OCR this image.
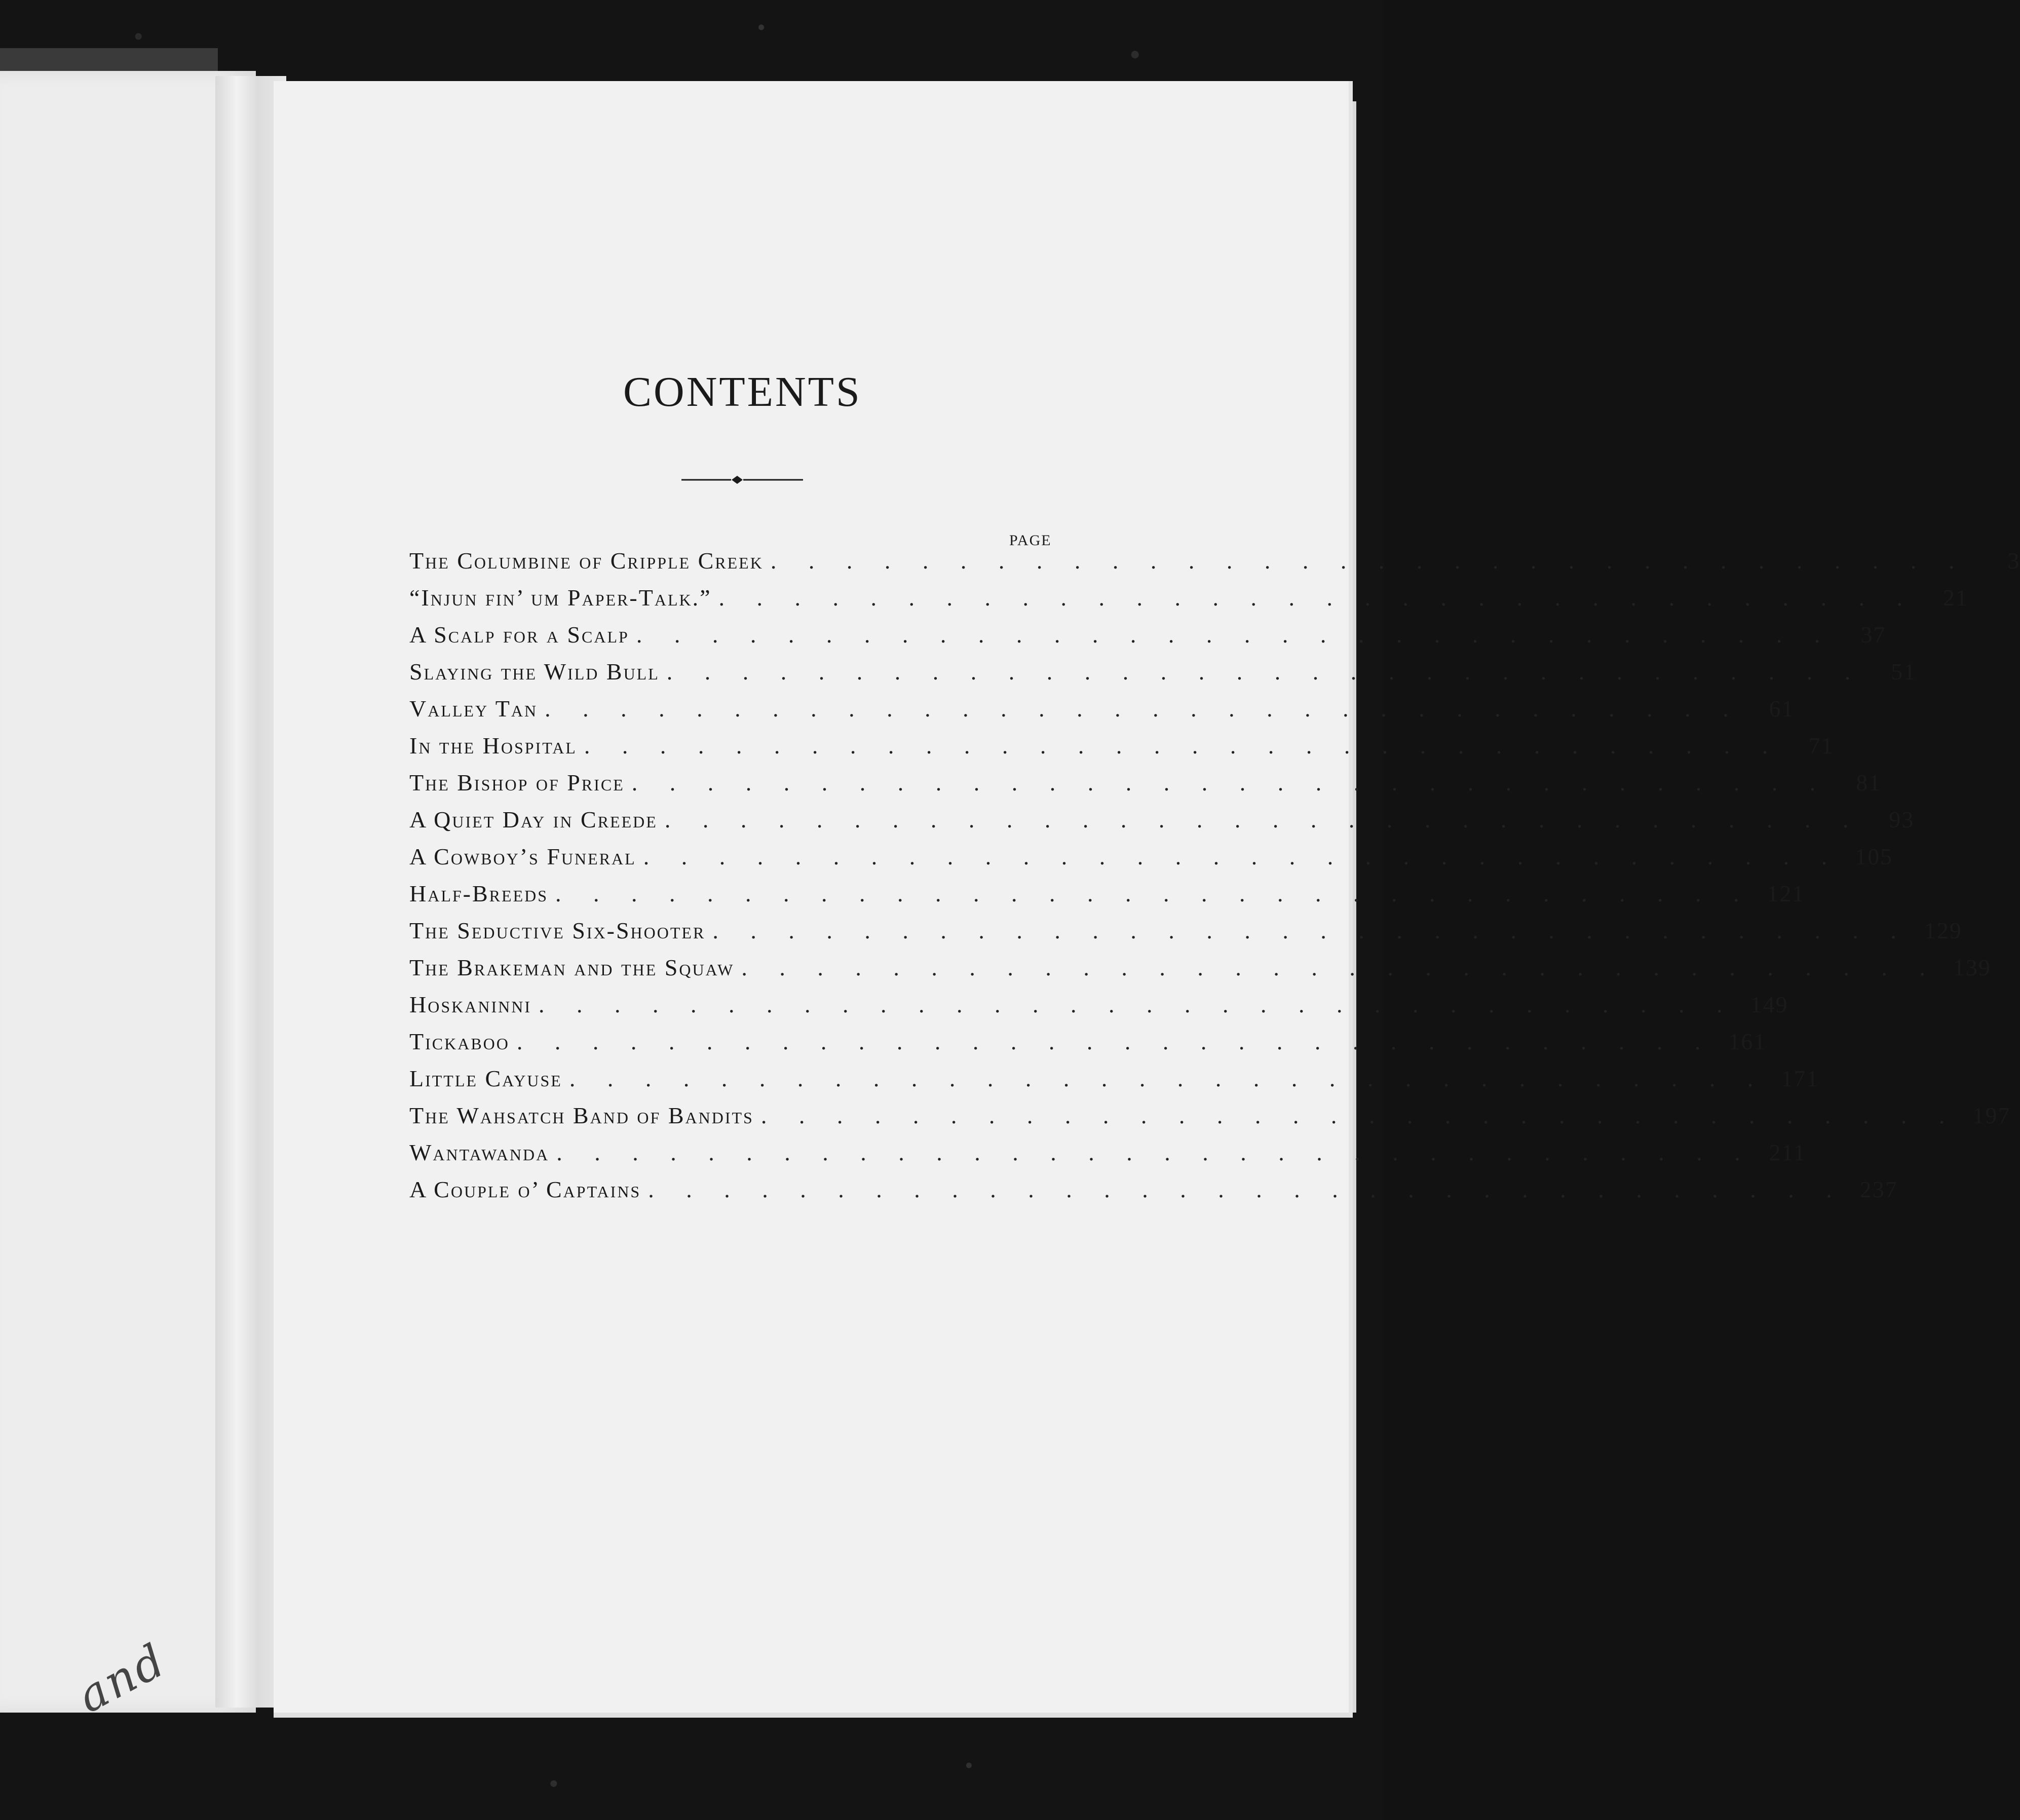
and
CONTENTS
PAGE
The Columbine of Cripple Creek . . . . . . . . . . . . . . . . . . . . . . . . . . . . . . . .	3
“Injun fin’ um Paper-Talk.” . . . . . . . . . . . . . . . . . . . . . . . . . . . . . . . .	21
A Scalp for a Scalp . . . . . . . . . . . . . . . . . . . . . . . . . . . . . . . .	37
Slaying the Wild Bull . . . . . . . . . . . . . . . . . . . . . . . . . . . . . . . .	51
Valley Tan . . . . . . . . . . . . . . . . . . . . . . . . . . . . . . . .	61
In the Hospital . . . . . . . . . . . . . . . . . . . . . . . . . . . . . . . .	71
The Bishop of Price . . . . . . . . . . . . . . . . . . . . . . . . . . . . . . . .	81
A Quiet Day in Creede . . . . . . . . . . . . . . . . . . . . . . . . . . . . . . . .	93
A Cowboy’s Funeral . . . . . . . . . . . . . . . . . . . . . . . . . . . . . . . . 105
Half-Breeds . . . . . . . . . . . . . . . . . . . . . . . . . . . . . . . . 121
The Seductive Six-Shooter . . . . . . . . . . . . . . . . . . . . . . . . . . . . . . . . 129
The Brakeman and the Squaw . . . . . . . . . . . . . . . . . . . . . . . . . . . . . . . . 139
Hoskaninni . . . . . . . . . . . . . . . . . . . . . . . . . . . . . . . . 149
Tickaboo . . . . . . . . . . . . . . . . . . . . . . . . . . . . . . . . 161
Little Cayuse . . . . . . . . . . . . . . . . . . . . . . . . . . . . . . . . 171
The Wahsatch Band of Bandits . . . . . . . . . . . . . . . . . . . . . . . . . . . . . . . . 197
Wantawanda . . . . . . . . . . . . . . . . . . . . . . . . . . . . . . . . 211
A Couple o’ Captains . . . . . . . . . . . . . . . . . . . . . . . . . . . . . . . . 237
